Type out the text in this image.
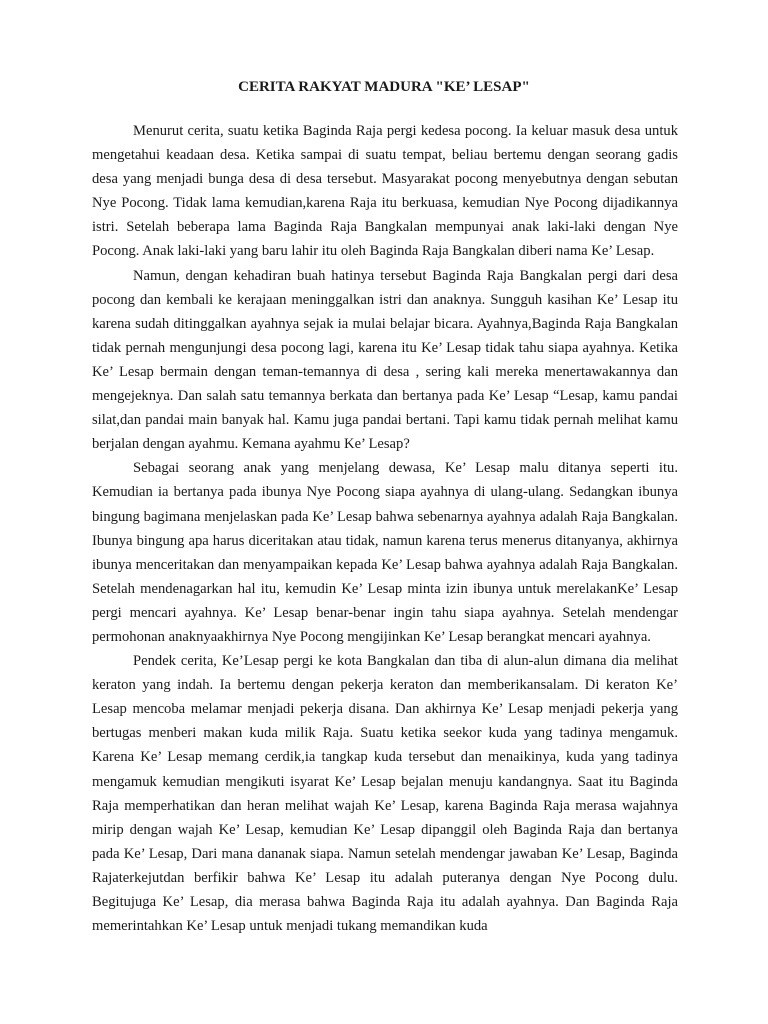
CERITA RAKYAT MADURA "KE’ LESAP"

Menurut cerita, suatu ketika Baginda Raja pergi kedesa pocong. Ia keluar masuk desa untuk mengetahui keadaan desa. Ketika sampai di suatu tempat, beliau bertemu dengan seorang gadis desa yang menjadi bunga desa di desa tersebut. Masyarakat pocong menyebutnya dengan sebutan Nye Pocong. Tidak lama kemudian,karena Raja itu berkuasa, kemudian Nye Pocong dijadikannya istri. Setelah beberapa lama Baginda Raja Bangkalan mempunyai anak laki-laki dengan Nye Pocong. Anak laki-laki yang baru lahir itu oleh Baginda Raja Bangkalan diberi nama Ke’ Lesap.

Namun, dengan kehadiran buah hatinya tersebut Baginda Raja Bangkalan pergi dari desa pocong dan kembali ke kerajaan meninggalkan istri dan anaknya. Sungguh kasihan Ke’ Lesap itu karena sudah ditinggalkan ayahnya sejak ia mulai belajar bicara. Ayahnya,Baginda Raja Bangkalan tidak pernah mengunjungi desa pocong lagi, karena itu Ke’ Lesap tidak tahu siapa ayahnya. Ketika Ke’ Lesap bermain dengan teman-temannya di desa , sering kali mereka menertawakannya dan mengejeknya. Dan salah satu temannya berkata dan bertanya pada Ke’ Lesap “Lesap, kamu pandai silat,dan pandai main banyak hal. Kamu juga pandai bertani. Tapi kamu tidak pernah melihat kamu berjalan dengan ayahmu. Kemana ayahmu Ke’ Lesap?

Sebagai seorang anak yang menjelang dewasa, Ke’ Lesap malu ditanya seperti itu. Kemudian ia bertanya pada ibunya Nye Pocong siapa ayahnya di ulang-ulang. Sedangkan ibunya bingung bagimana menjelaskan pada Ke’ Lesap bahwa sebenarnya ayahnya adalah Raja Bangkalan. Ibunya bingung apa harus diceritakan atau tidak, namun karena terus menerus ditanyanya, akhirnya ibunya menceritakan dan menyampaikan kepada Ke’ Lesap bahwa ayahnya adalah Raja Bangkalan. Setelah mendenagarkan hal itu, kemudin Ke’ Lesap minta izin ibunya untuk merelakanKe’ Lesap pergi mencari ayahnya. Ke’ Lesap benar-benar ingin tahu siapa ayahnya. Setelah mendengar permohonan anaknyaakhirnya Nye Pocong mengijinkan Ke’ Lesap berangkat mencari ayahnya.

Pendek cerita, Ke’Lesap pergi ke kota Bangkalan dan tiba di alun-alun dimana dia melihat keraton yang indah. Ia bertemu dengan pekerja keraton dan memberikansalam. Di keraton Ke’ Lesap mencoba melamar menjadi pekerja disana. Dan akhirnya Ke’ Lesap menjadi pekerja yang bertugas menberi makan kuda milik Raja. Suatu ketika seekor kuda yang tadinya mengamuk. Karena Ke’ Lesap memang cerdik,ia tangkap kuda tersebut dan menaikinya, kuda yang tadinya mengamuk kemudian mengikuti isyarat Ke’ Lesap bejalan menuju kandangnya. Saat itu Baginda Raja memperhatikan dan heran melihat wajah Ke’ Lesap, karena Baginda Raja merasa wajahnya mirip dengan wajah Ke’ Lesap, kemudian Ke’ Lesap dipanggil oleh Baginda Raja dan bertanya pada Ke’ Lesap, Dari mana dananak siapa. Namun setelah mendengar jawaban Ke’ Lesap, Baginda Rajaterkejutdan berfikir bahwa Ke’ Lesap itu adalah puteranya dengan Nye Pocong dulu. Begitujuga Ke’ Lesap, dia merasa bahwa Baginda Raja itu adalah ayahnya. Dan Baginda Raja memerintahkan Ke’ Lesap untuk menjadi tukang memandikan kuda
